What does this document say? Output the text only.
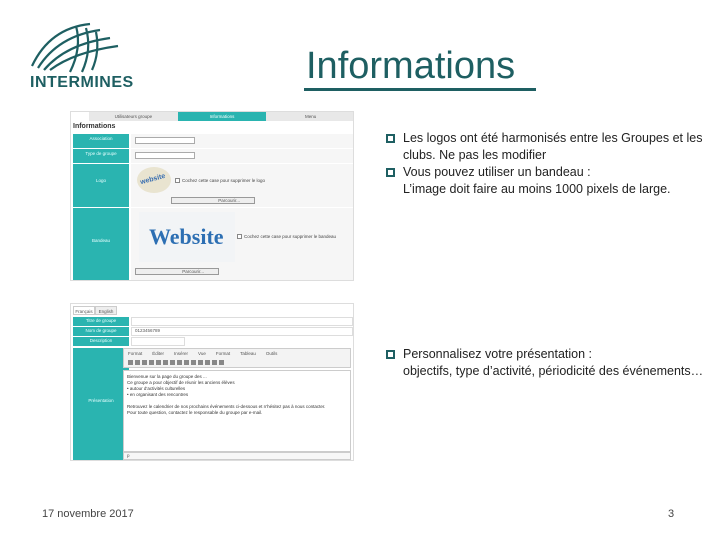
INTERMINES	Informations
Les logos ont été harmonisés entre les Groupes et les
clubs. Ne pas les modifier
Vous pouvez utiliser un bandeau :
L’image doit faire au moins 1000 pixels de large.
Personnalisez votre présentation :
objectifs, type d’activité, périodicité des événements…
Utilisateurs groupe	Informations	Menu
Informations
Association
Type de groupe
Logo	website	Cochez cette case pour supprimer le logo
Parcourir...
Bandeau	Website	Cochez cette case pour supprimer le bandeau
Parcourir...
Français	English
Titre de groupe
Nom de groupe	0123456789
Description
Présentation
Format Éditer Insérer Vue Format Tableau Outils
Bienvenue sur la page du groupe des ...
Ce groupe a pour objectif de réunir les anciens élèves
• autour d’activités culturelles
• en organisant des rencontres
Retrouvez le calendrier de nos prochains événements ci-dessous et n’hésitez pas à nous contacter.
Pour toute question, contactez le responsable du groupe par e-mail.
p
17 novembre 2017	3
